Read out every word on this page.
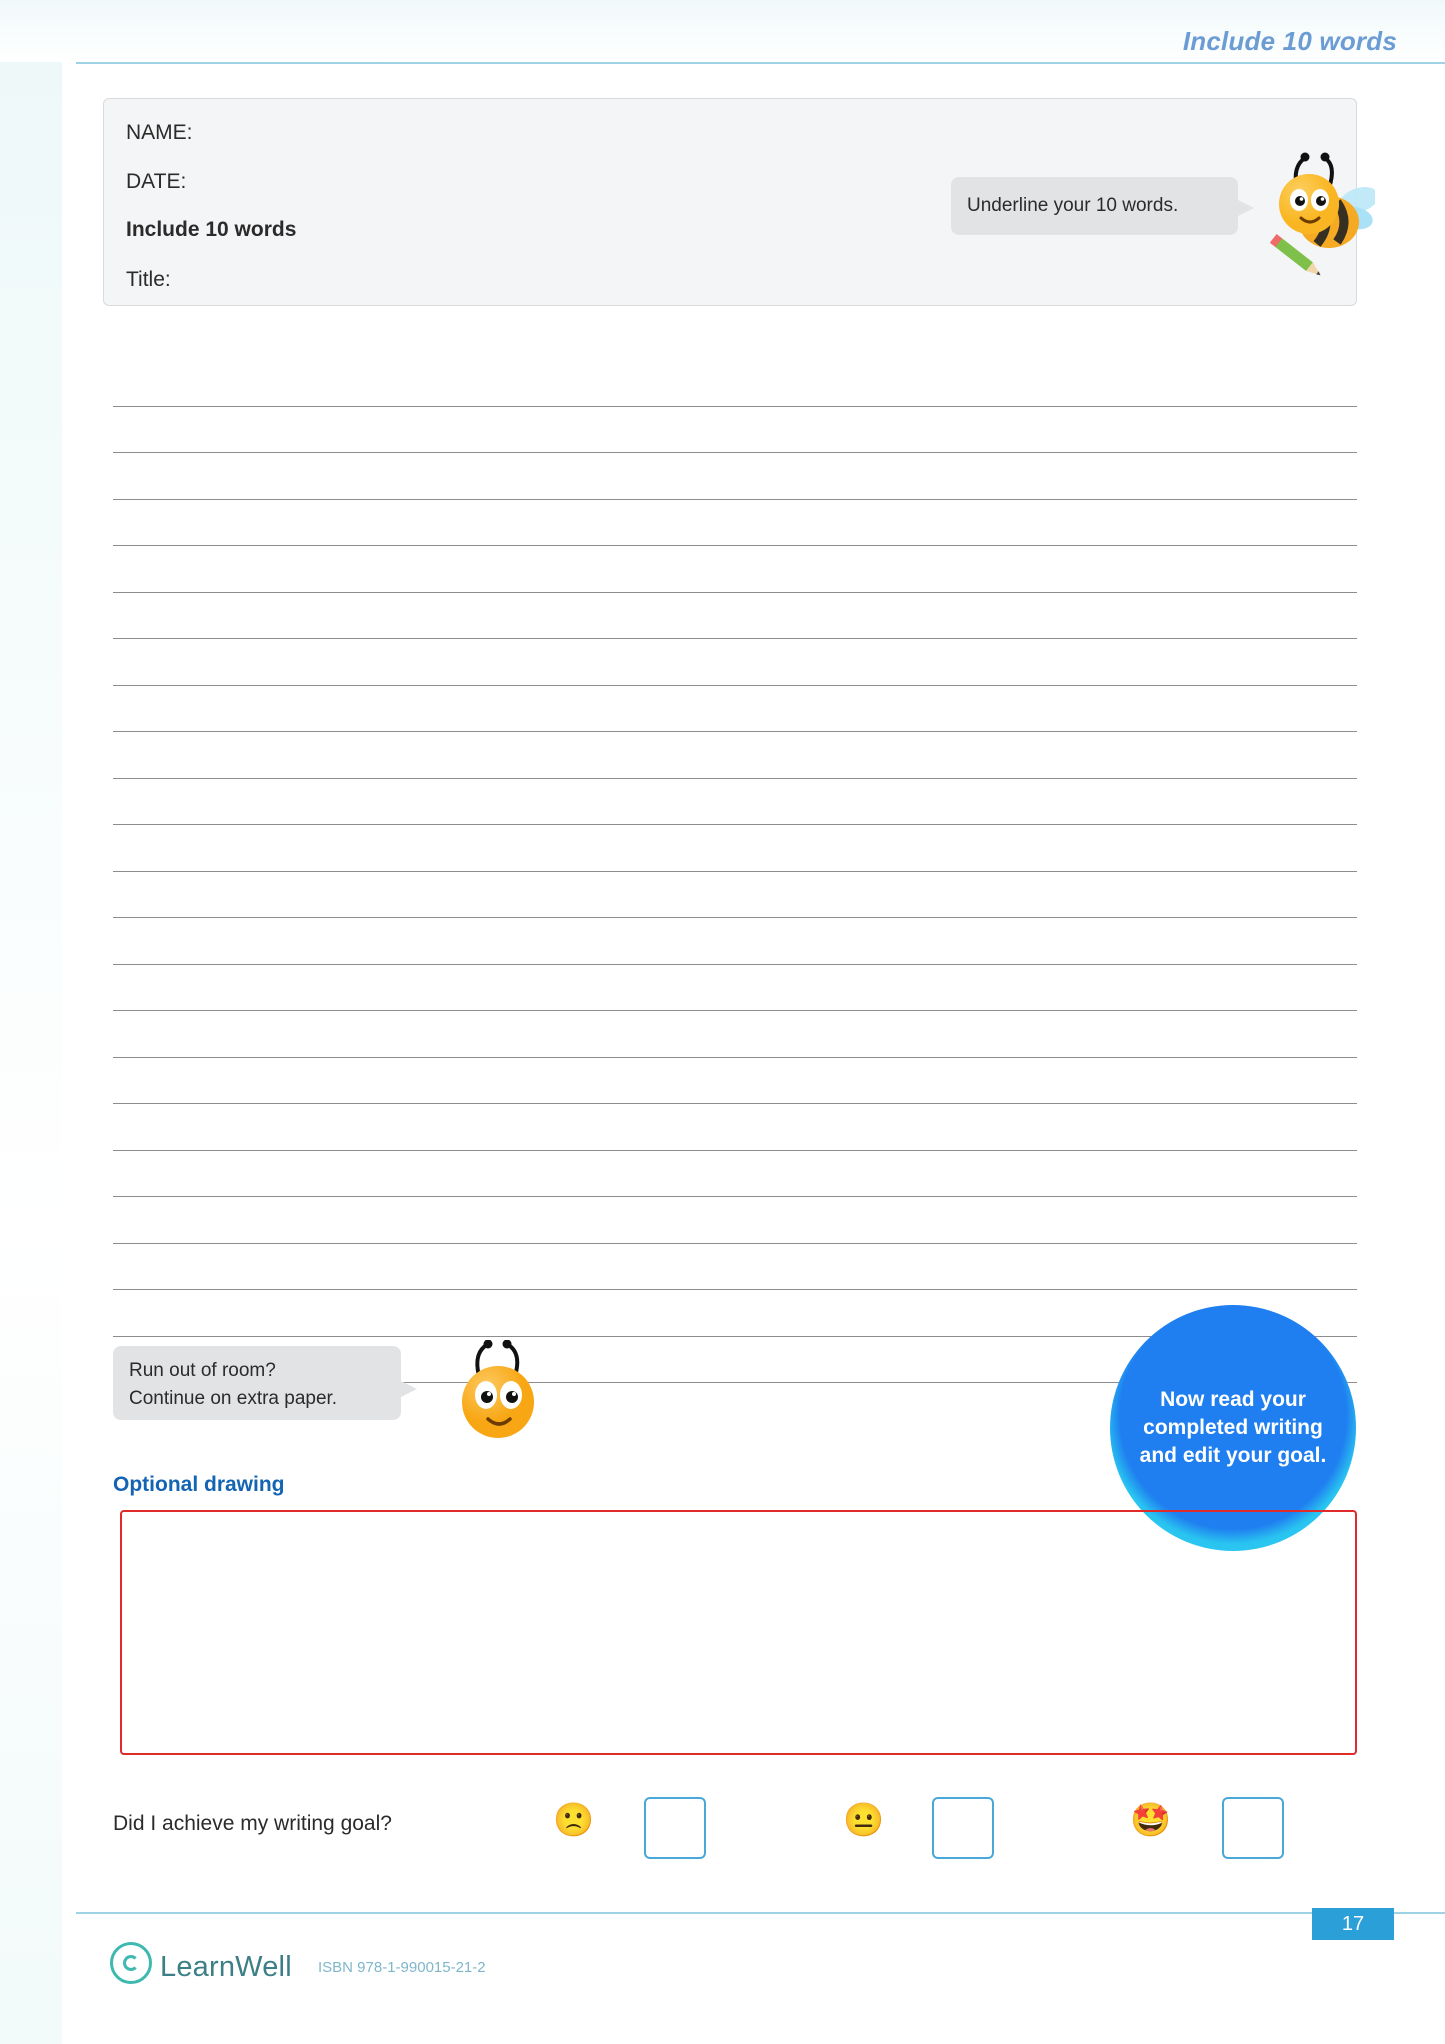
Include 10 words
NAME:
DATE:
Include 10 words
Title:
Underline your 10 words.
Run out of room?
Continue on extra paper.	Now read your completed writing and edit your goal.
Optional drawing
Did I achieve my writing goal?	🙁	😐	🤩
17
LearnWell ISBN 978-1-990015-21-2
